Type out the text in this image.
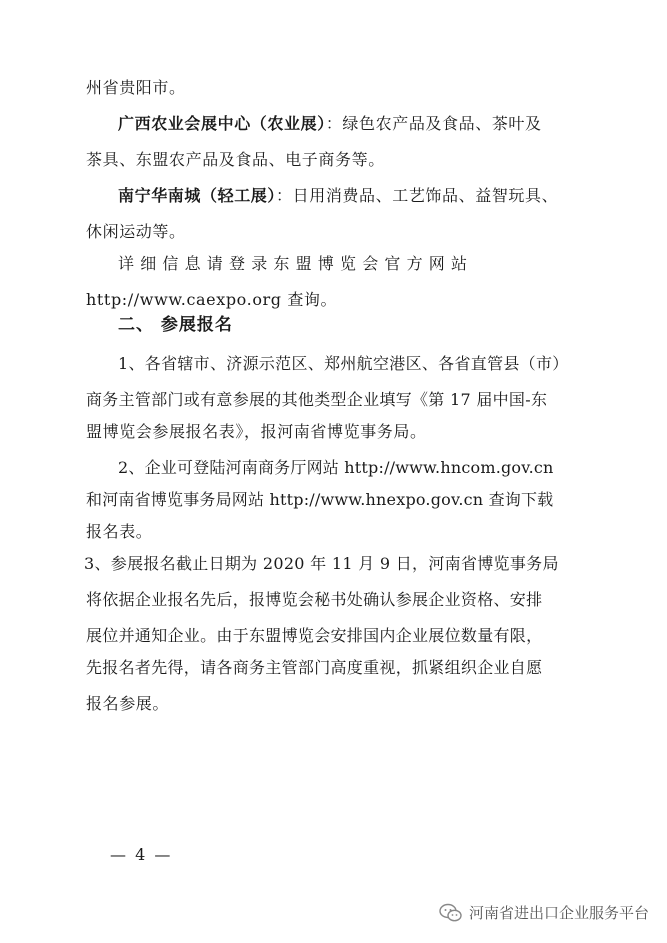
州省贵阳市。
广西农业会展中心（农业展）：绿色农产品及食品、茶叶及
茶具、东盟农产品及食品、电子商务等。
南宁华南城（轻工展）：日用消费品、工艺饰品、益智玩具、
休闲运动等。
详细信息请登录东盟博览会官方网站
http://www.caexpo.org 查询。
二、 参展报名
1、各省辖市、济源示范区、郑州航空港区、各省直管县（市）
商务主管部门或有意参展的其他类型企业填写《第 17 届中国-东
盟博览会参展报名表》，报河南省博览事务局。
2、企业可登陆河南商务厅网站 http://www.hncom.gov.cn
和河南省博览事务局网站 http://www.hnexpo.gov.cn 查询下载
报名表。
3、参展报名截止日期为 2020 年 11 月 9 日，河南省博览事务局
将依据企业报名先后，报博览会秘书处确认参展企业资格、安排
展位并通知企业。由于东盟博览会安排国内企业展位数量有限，
先报名者先得，请各商务主管部门高度重视，抓紧组织企业自愿
报名参展。
— 4 —
河南省进出口企业服务平台
